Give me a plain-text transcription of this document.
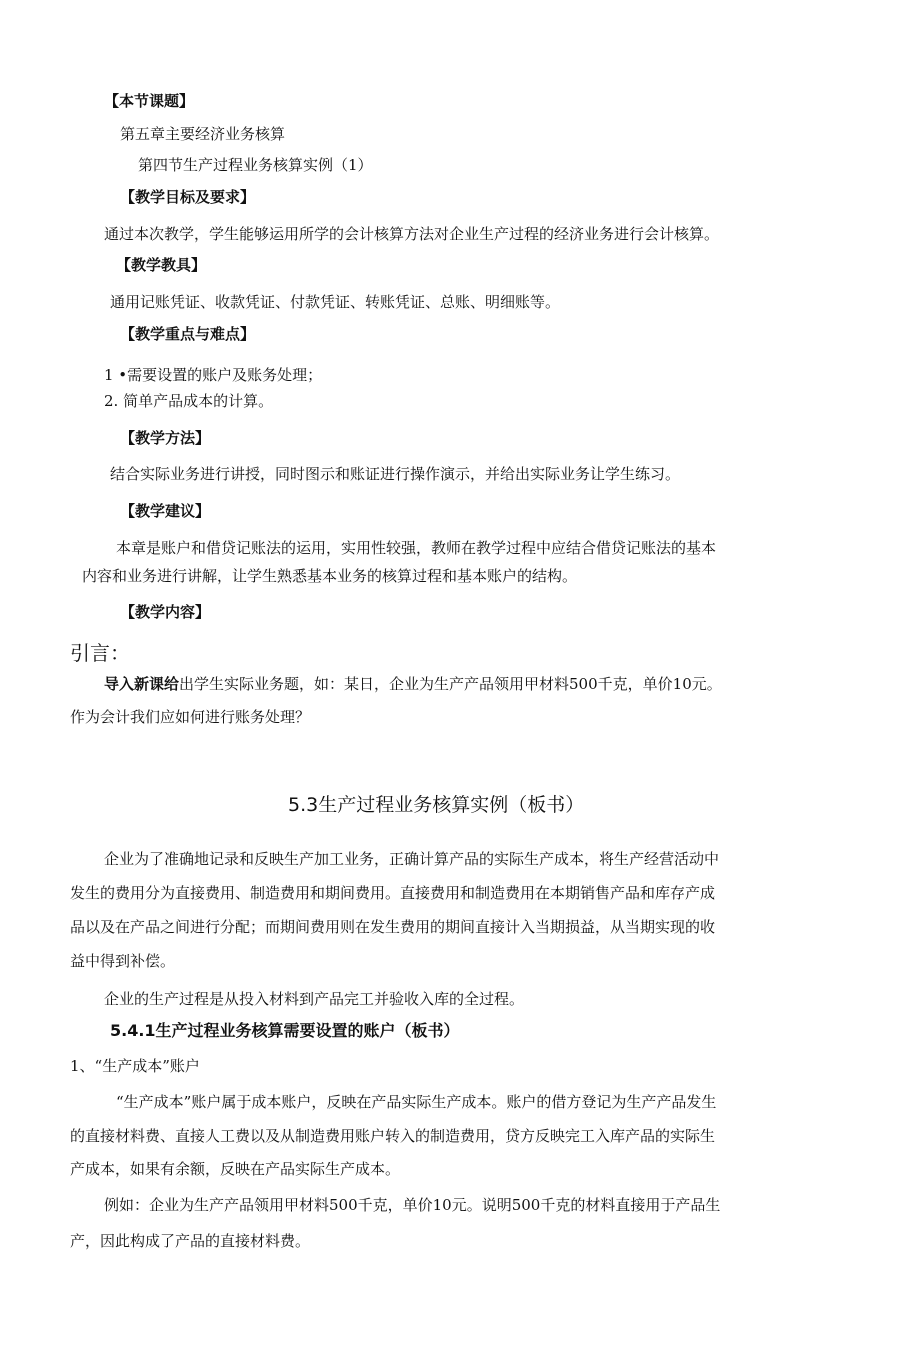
【本节课题】
第五章主要经济业务核算
第四节生产过程业务核算实例（1）
【教学目标及要求】
通过本次教学，学生能够运用所学的会计核算方法对企业生产过程的经济业务进行会计核算。
【教学教具】
通用记账凭证、收款凭证、付款凭证、转账凭证、总账、明细账等。
【教学重点与难点】
1 •需要设置的账户及账务处理；
2. 简单产品成本的计算。
【教学方法】
结合实际业务进行讲授，同时图示和账证进行操作演示，并给出实际业务让学生练习。
【教学建议】
本章是账户和借贷记账法的运用，实用性较强，教师在教学过程中应结合借贷记账法的基本
内容和业务进行讲解，让学生熟悉基本业务的核算过程和基本账户的结构。
【教学内容】
引言：
导入新课给出学生实际业务题，如：某日，企业为生产产品领用甲材料500千克，单价10元。
作为会计我们应如何进行账务处理？
5.3生产过程业务核算实例（板书）
企业为了准确地记录和反映生产加工业务，正确计算产品的实际生产成本，将生产经营活动中
发生的费用分为直接费用、制造费用和期间费用。直接费用和制造费用在本期销售产品和库存产成
品以及在产品之间进行分配；而期间费用则在发生费用的期间直接计入当期损益，从当期实现的收
益中得到补偿。
企业的生产过程是从投入材料到产品完工并验收入库的全过程。
5.4.1生产过程业务核算需要设置的账户（板书）
1、“生产成本”账户
“生产成本”账户属于成本账户，反映在产品实际生产成本。账户的借方登记为生产产品发生
的直接材料费、直接人工费以及从制造费用账户转入的制造费用，贷方反映完工入库产品的实际生
产成本，如果有余额，反映在产品实际生产成本。
例如：企业为生产产品领用甲材料500千克，单价10元。说明500千克的材料直接用于产品生
产，因此构成了产品的直接材料费。
